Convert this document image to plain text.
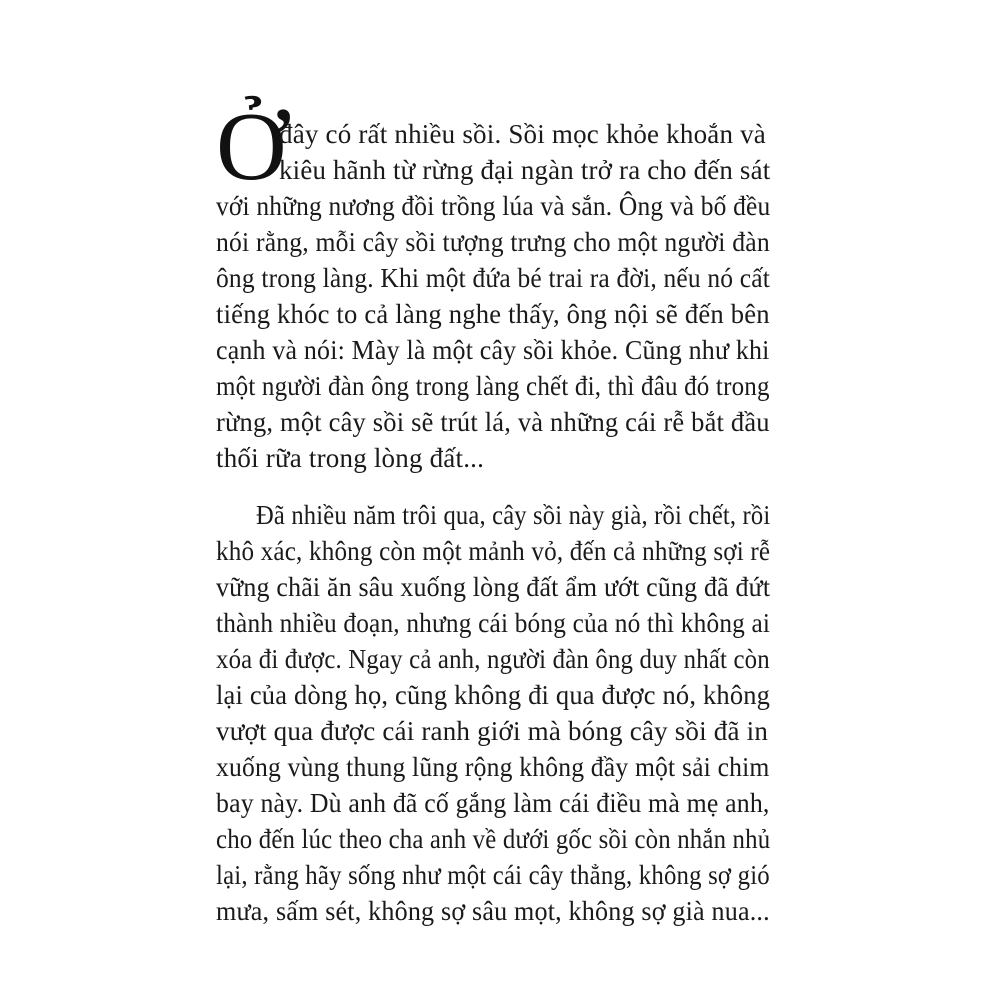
Ở
đây có rất nhiều sồi. Sồi mọc khỏe khoắn và
kiêu hãnh từ rừng đại ngàn trở ra cho đến sát
với những nương đồi trồng lúa và sắn. Ông và bố đều
nói rằng, mỗi cây sồi tượng trưng cho một người đàn
ông trong làng. Khi một đứa bé trai ra đời, nếu nó cất
tiếng khóc to cả làng nghe thấy, ông nội sẽ đến bên
cạnh và nói: Mày là một cây sồi khỏe. Cũng như khi
một người đàn ông trong làng chết đi, thì đâu đó trong
rừng, một cây sồi sẽ trút lá, và những cái rễ bắt đầu
thối rữa trong lòng đất...
Đã nhiều năm trôi qua, cây sồi này già, rồi chết, rồi
khô xác, không còn một mảnh vỏ, đến cả những sợi rễ
vững chãi ăn sâu xuống lòng đất ẩm ướt cũng đã đứt
thành nhiều đoạn, nhưng cái bóng của nó thì không ai
xóa đi được. Ngay cả anh, người đàn ông duy nhất còn
lại của dòng họ, cũng không đi qua được nó, không
vượt qua được cái ranh giới mà bóng cây sồi đã in
xuống vùng thung lũng rộng không đầy một sải chim
bay này. Dù anh đã cố gắng làm cái điều mà mẹ anh,
cho đến lúc theo cha anh về dưới gốc sồi còn nhắn nhủ
lại, rằng hãy sống như một cái cây thẳng, không sợ gió
mưa, sấm sét, không sợ sâu mọt, không sợ già nua...
